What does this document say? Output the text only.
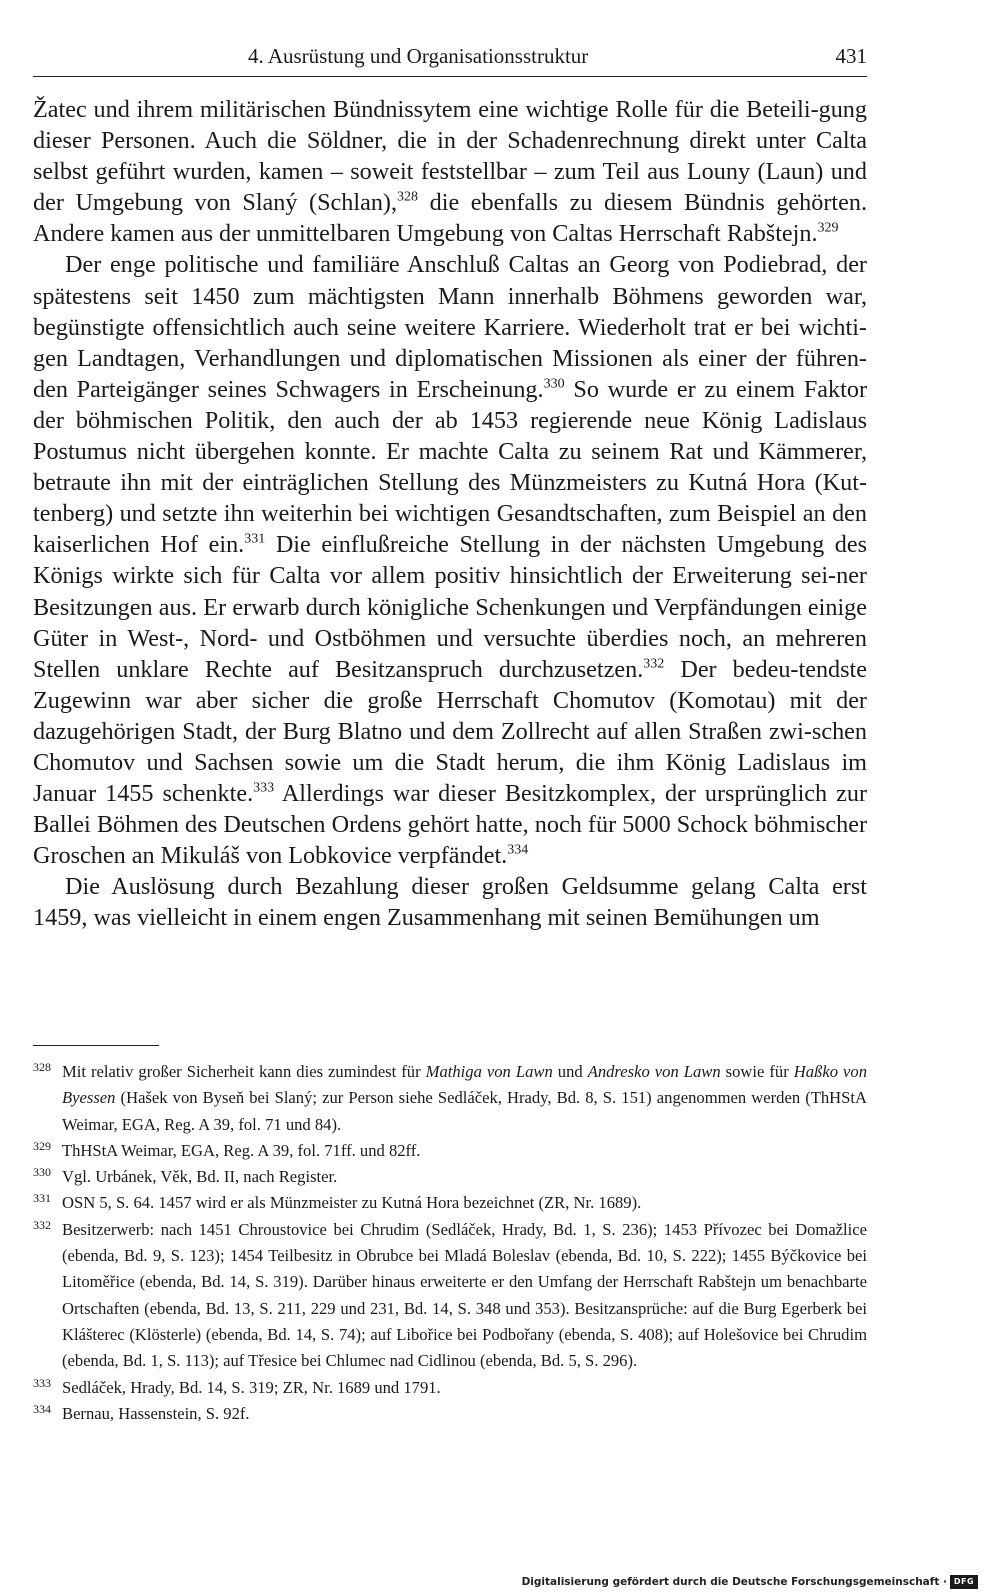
4. Ausrüstung und Organisationsstruktur	431

Žatec und ihrem militärischen Bündnissytem eine wichtige Rolle für die Beteili-gung dieser Personen. Auch die Söldner, die in der Schadenrechnung direkt unter Calta selbst geführt wurden, kamen – soweit feststellbar – zum Teil aus Louny (Laun) und der Umgebung von Slaný (Schlan),$^{328}$ die ebenfalls zu diesem Bündnis gehörten. Andere kamen aus der unmittelbaren Umgebung von Caltas Herrschaft Rabštejn.$^{329}$

Der enge politische und familiäre Anschluß Caltas an Georg von Podiebrad, der spätestens seit 1450 zum mächtigsten Mann innerhalb Böhmens geworden war, begünstigte offensichtlich auch seine weitere Karriere. Wiederholt trat er bei wichti-gen Landtagen, Verhandlungen und diplomatischen Missionen als einer der führen-den Parteigänger seines Schwagers in Erscheinung.$^{330}$ So wurde er zu einem Faktor der böhmischen Politik, den auch der ab 1453 regierende neue König Ladislaus Postumus nicht übergehen konnte. Er machte Calta zu seinem Rat und Kämmerer, betraute ihn mit der einträglichen Stellung des Münzmeisters zu Kutná Hora (Kut-tenberg) und setzte ihn weiterhin bei wichtigen Gesandtschaften, zum Beispiel an den kaiserlichen Hof ein.$^{331}$ Die einflußreiche Stellung in der nächsten Umgebung des Königs wirkte sich für Calta vor allem positiv hinsichtlich der Erweiterung sei-ner Besitzungen aus. Er erwarb durch königliche Schenkungen und Verpfändungen einige Güter in West-, Nord- und Ostböhmen und versuchte überdies noch, an mehreren Stellen unklare Rechte auf Besitzanspruch durchzusetzen.$^{332}$ Der bedeu-tendste Zugewinn war aber sicher die große Herrschaft Chomutov (Komotau) mit der dazugehörigen Stadt, der Burg Blatno und dem Zollrecht auf allen Straßen zwi-schen Chomutov und Sachsen sowie um die Stadt herum, die ihm König Ladislaus im Januar 1455 schenkte.$^{333}$ Allerdings war dieser Besitzkomplex, der ursprünglich zur Ballei Böhmen des Deutschen Ordens gehört hatte, noch für 5000 Schock böhmischer Groschen an Mikuláš von Lobkovice verpfändet.$^{334}$

Die Auslösung durch Bezahlung dieser großen Geldsumme gelang Calta erst 1459, was vielleicht in einem engen Zusammenhang mit seinen Bemühungen um

328 Mit relativ großer Sicherheit kann dies zumindest für Mathiga von Lawn und Andresko von Lawn sowie für Haßko von Byessen (Hašek von Byseň bei Slaný; zur Person siehe Sedláček, Hrady, Bd. 8, S. 151) angenommen werden (ThHStA Weimar, EGA, Reg. A 39, fol. 71 und 84).
329 ThHStA Weimar, EGA, Reg. A 39, fol. 71ff. und 82ff.
330 Vgl. Urbánek, Věk, Bd. II, nach Register.
331 OSN 5, S. 64. 1457 wird er als Münzmeister zu Kutná Hora bezeichnet (ZR, Nr. 1689).
332 Besitzerwerb: nach 1451 Chroustovice bei Chrudim (Sedláček, Hrady, Bd. 1, S. 236); 1453 Přívozec bei Domažlice (ebenda, Bd. 9, S. 123); 1454 Teilbesitz in Obrubce bei Mladá Boleslav (ebenda, Bd. 10, S. 222); 1455 Býčkovice bei Litoměřice (ebenda, Bd. 14, S. 319). Darüber hinaus erweiterte er den Umfang der Herrschaft Rabštejn um benachbarte Ortschaften (ebenda, Bd. 13, S. 211, 229 und 231, Bd. 14, S. 348 und 353). Besitzansprüche: auf die Burg Egerberk bei Klášterec (Klösterle) (ebenda, Bd. 14, S. 74); auf Libořice bei Podbořany (ebenda, S. 408); auf Holešovice bei Chrudim (ebenda, Bd. 1, S. 113); auf Třesice bei Chlumec nad Cidlinou (ebenda, Bd. 5, S. 296).
333 Sedláček, Hrady, Bd. 14, S. 319; ZR, Nr. 1689 und 1791.
334 Bernau, Hassenstein, S. 92f.
Digitalisierung gefördert durch die Deutsche Forschungsgemeinschaft · DFG
